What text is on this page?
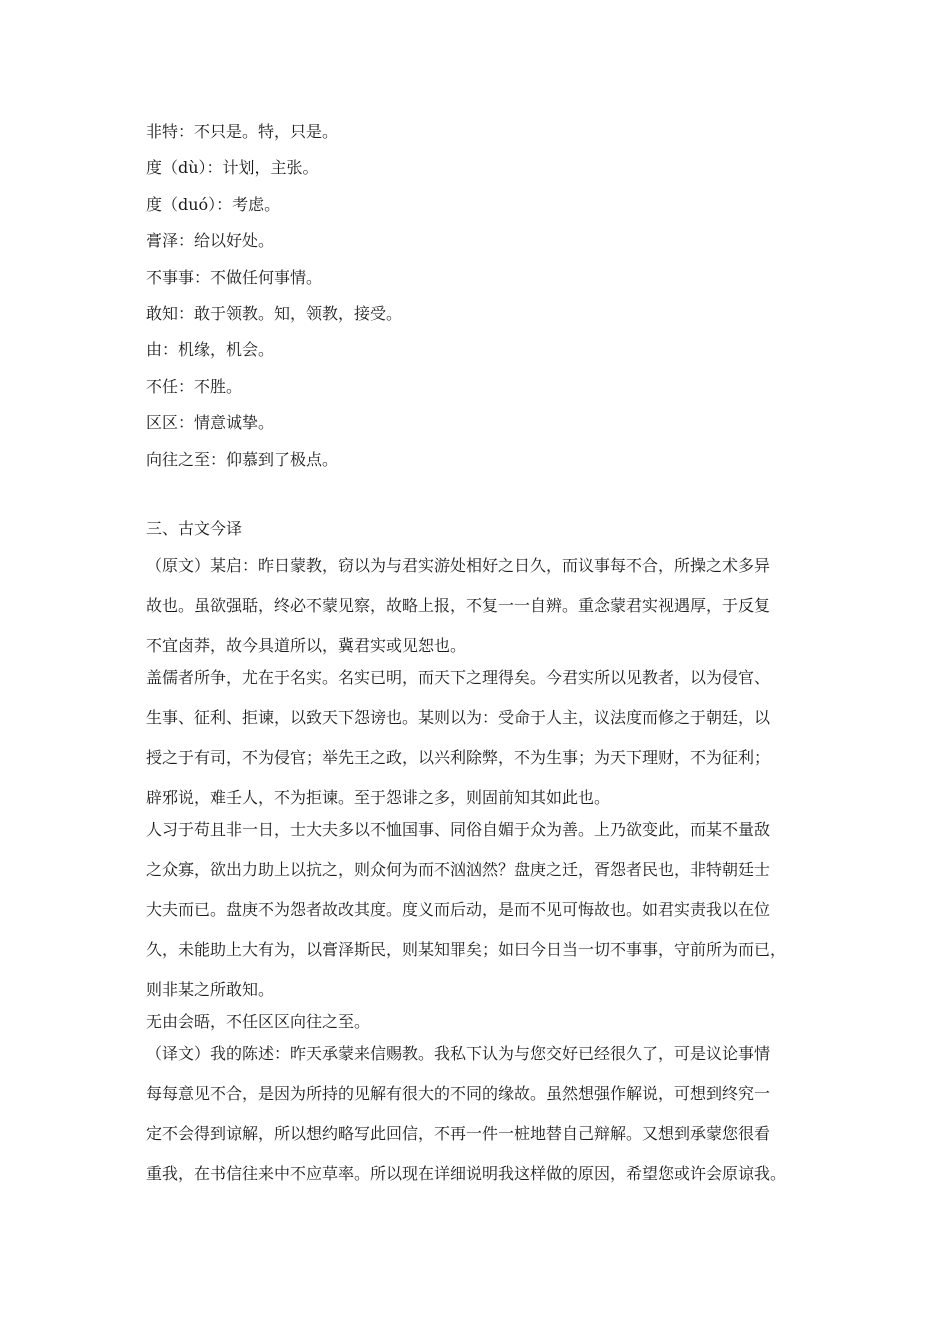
非特：不只是。特，只是。
度（dù）：计划，主张。
度（duó）：考虑。
膏泽：给以好处。
不事事：不做任何事情。
敢知：敢于领教。知，领教，接受。
由：机缘，机会。
不任：不胜。
区区：情意诚挚。
向往之至：仰慕到了极点。
三、古文今译
（原文）某启：昨日蒙教，窃以为与君实游处相好之日久，而议事每不合，所操之术多异
故也。虽欲强聒，终必不蒙见察，故略上报，不复一一自辨。重念蒙君实视遇厚，于反复
不宜卤莽，故今具道所以，冀君实或见恕也。
盖儒者所争，尤在于名实。名实已明，而天下之理得矣。今君实所以见教者，以为侵官、
生事、征利、拒谏，以致天下怨谤也。某则以为：受命于人主，议法度而修之于朝廷，以
授之于有司，不为侵官；举先王之政，以兴利除弊，不为生事；为天下理财，不为征利；
辟邪说，难壬人，不为拒谏。至于怨诽之多，则固前知其如此也。
人习于苟且非一日，士大夫多以不恤国事、同俗自媚于众为善。上乃欲变此，而某不量敌
之众寡，欲出力助上以抗之，则众何为而不汹汹然？盘庚之迁，胥怨者民也，非特朝廷士
大夫而已。盘庚不为怨者故改其度。度义而后动，是而不见可悔故也。如君实责我以在位
久，未能助上大有为，以膏泽斯民，则某知罪矣；如曰今日当一切不事事，守前所为而已，
则非某之所敢知。
无由会晤，不任区区向往之至。
（译文）我的陈述：昨天承蒙来信赐教。我私下认为与您交好已经很久了，可是议论事情
每每意见不合，是因为所持的见解有很大的不同的缘故。虽然想强作解说，可想到终究一
定不会得到谅解，所以想约略写此回信，不再一件一桩地替自己辩解。又想到承蒙您很看
重我，在书信往来中不应草率。所以现在详细说明我这样做的原因，希望您或许会原谅我。
